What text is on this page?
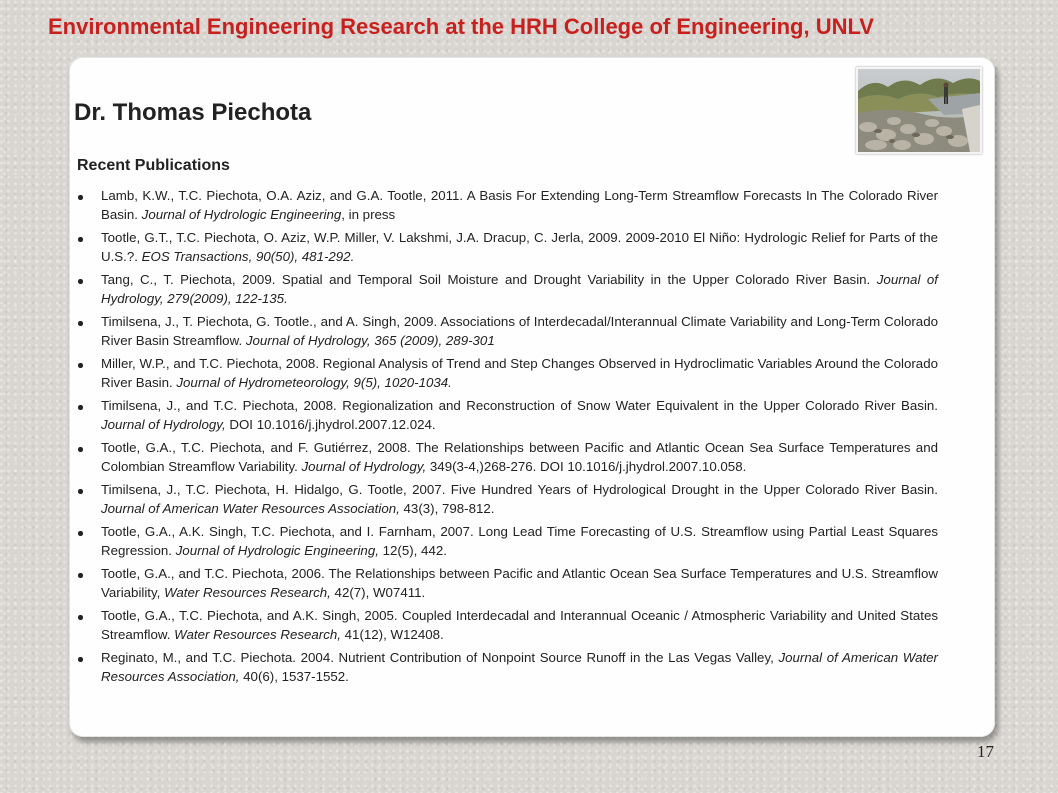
Environmental Engineering Research at the HRH College of Engineering, UNLV
Dr. Thomas Piechota
Recent Publications
Lamb, K.W., T.C. Piechota, O.A. Aziz, and G.A. Tootle, 2011. A Basis For Extending Long-Term Streamflow Forecasts In The Colorado River Basin. Journal of Hydrologic Engineering, in press
Tootle, G.T., T.C. Piechota, O. Aziz, W.P. Miller, V. Lakshmi, J.A. Dracup, C. Jerla, 2009. 2009-2010 El Niño: Hydrologic Relief for Parts of the U.S.?. EOS Transactions, 90(50), 481-292.
Tang, C., T. Piechota, 2009. Spatial and Temporal Soil Moisture and Drought Variability in the Upper Colorado River Basin. Journal of Hydrology, 279(2009), 122-135.
Timilsena, J., T. Piechota, G. Tootle., and A. Singh, 2009. Associations of Interdecadal/Interannual Climate Variability and Long-Term Colorado River Basin Streamflow. Journal of Hydrology, 365 (2009), 289-301
Miller, W.P., and T.C. Piechota, 2008. Regional Analysis of Trend and Step Changes Observed in Hydroclimatic Variables Around the Colorado River Basin. Journal of Hydrometeorology, 9(5), 1020-1034.
Timilsena, J., and T.C. Piechota, 2008. Regionalization and Reconstruction of Snow Water Equivalent in the Upper Colorado River Basin. Journal of Hydrology, DOI 10.1016/j.jhydrol.2007.12.024.
Tootle, G.A., T.C. Piechota, and F. Gutiérrez, 2008. The Relationships between Pacific and Atlantic Ocean Sea Surface Temperatures and Colombian Streamflow Variability. Journal of Hydrology, 349(3-4,)268-276. DOI 10.1016/j.jhydrol.2007.10.058.
Timilsena, J., T.C. Piechota, H. Hidalgo, G. Tootle, 2007. Five Hundred Years of Hydrological Drought in the Upper Colorado River Basin. Journal of American Water Resources Association, 43(3), 798-812.
Tootle, G.A., A.K. Singh, T.C. Piechota, and I. Farnham, 2007. Long Lead Time Forecasting of U.S. Streamflow using Partial Least Squares Regression. Journal of Hydrologic Engineering, 12(5), 442.
Tootle, G.A., and T.C. Piechota, 2006. The Relationships between Pacific and Atlantic Ocean Sea Surface Temperatures and U.S. Streamflow Variability, Water Resources Research, 42(7), W07411.
Tootle, G.A., T.C. Piechota, and A.K. Singh, 2005. Coupled Interdecadal and Interannual Oceanic / Atmospheric Variability and United States Streamflow. Water Resources Research, 41(12), W12408.
Reginato, M., and T.C. Piechota. 2004. Nutrient Contribution of Nonpoint Source Runoff in the Las Vegas Valley, Journal of American Water Resources Association, 40(6), 1537-1552.
17
